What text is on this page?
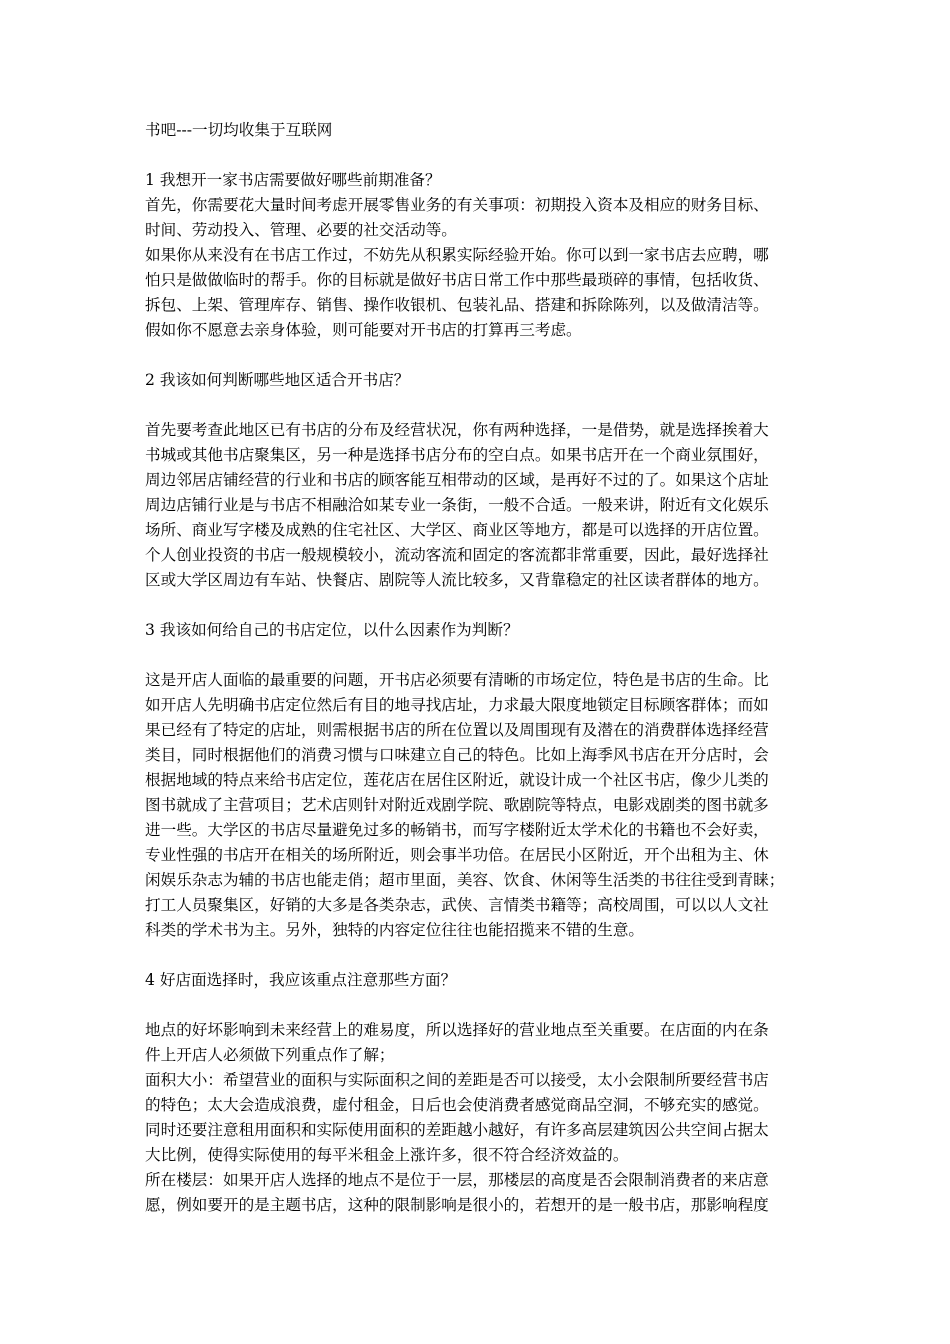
书吧---一切均收集于互联网
1 我想开一家书店需要做好哪些前期准备？
首先，你需要花大量时间考虑开展零售业务的有关事项：初期投入资本及相应的财务目标、
时间、劳动投入、管理、必要的社交活动等。
如果你从来没有在书店工作过，不妨先从积累实际经验开始。你可以到一家书店去应聘，哪
怕只是做做临时的帮手。你的目标就是做好书店日常工作中那些最琐碎的事情，包括收货、
拆包、上架、管理库存、销售、操作收银机、包装礼品、搭建和拆除陈列，以及做清洁等。
假如你不愿意去亲身体验，则可能要对开书店的打算再三考虑。
2 我该如何判断哪些地区适合开书店？
首先要考查此地区已有书店的分布及经营状况，你有两种选择，一是借势，就是选择挨着大
书城或其他书店聚集区，另一种是选择书店分布的空白点。如果书店开在一个商业氛围好，
周边邻居店铺经营的行业和书店的顾客能互相带动的区域，是再好不过的了。如果这个店址
周边店铺行业是与书店不相融洽如某专业一条街，一般不合适。一般来讲，附近有文化娱乐
场所、商业写字楼及成熟的住宅社区、大学区、商业区等地方，都是可以选择的开店位置。
个人创业投资的书店一般规模较小，流动客流和固定的客流都非常重要，因此，最好选择社
区或大学区周边有车站、快餐店、剧院等人流比较多，又背靠稳定的社区读者群体的地方。
3 我该如何给自己的书店定位，以什么因素作为判断？
这是开店人面临的最重要的问题，开书店必须要有清晰的市场定位，特色是书店的生命。比
如开店人先明确书店定位然后有目的地寻找店址，力求最大限度地锁定目标顾客群体；而如
果已经有了特定的店址，则需根据书店的所在位置以及周围现有及潜在的消费群体选择经营
类目，同时根据他们的消费习惯与口味建立自己的特色。比如上海季风书店在开分店时，会
根据地域的特点来给书店定位，莲花店在居住区附近，就设计成一个社区书店，像少儿类的
图书就成了主营项目；艺术店则针对附近戏剧学院、歌剧院等特点，电影戏剧类的图书就多
进一些。大学区的书店尽量避免过多的畅销书，而写字楼附近太学术化的书籍也不会好卖，
专业性强的书店开在相关的场所附近，则会事半功倍。在居民小区附近，开个出租为主、休
闲娱乐杂志为辅的书店也能走俏；超市里面，美容、饮食、休闲等生活类的书往往受到青睐；
打工人员聚集区，好销的大多是各类杂志，武侠、言情类书籍等；高校周围，可以以人文社
科类的学术书为主。另外，独特的内容定位往往也能招揽来不错的生意。
4 好店面选择时，我应该重点注意那些方面？
地点的好坏影响到未来经营上的难易度，所以选择好的营业地点至关重要。在店面的内在条
件上开店人必须做下列重点作了解；
面积大小：希望营业的面积与实际面积之间的差距是否可以接受，太小会限制所要经营书店
的特色；太大会造成浪费，虚付租金，日后也会使消费者感觉商品空洞，不够充实的感觉。
同时还要注意租用面积和实际使用面积的差距越小越好，有许多高层建筑因公共空间占据太
大比例，使得实际使用的每平米租金上涨许多，很不符合经济效益的。
所在楼层：如果开店人选择的地点不是位于一层，那楼层的高度是否会限制消费者的来店意
愿，例如要开的是主题书店，这种的限制影响是很小的，若想开的是一般书店，那影响程度
